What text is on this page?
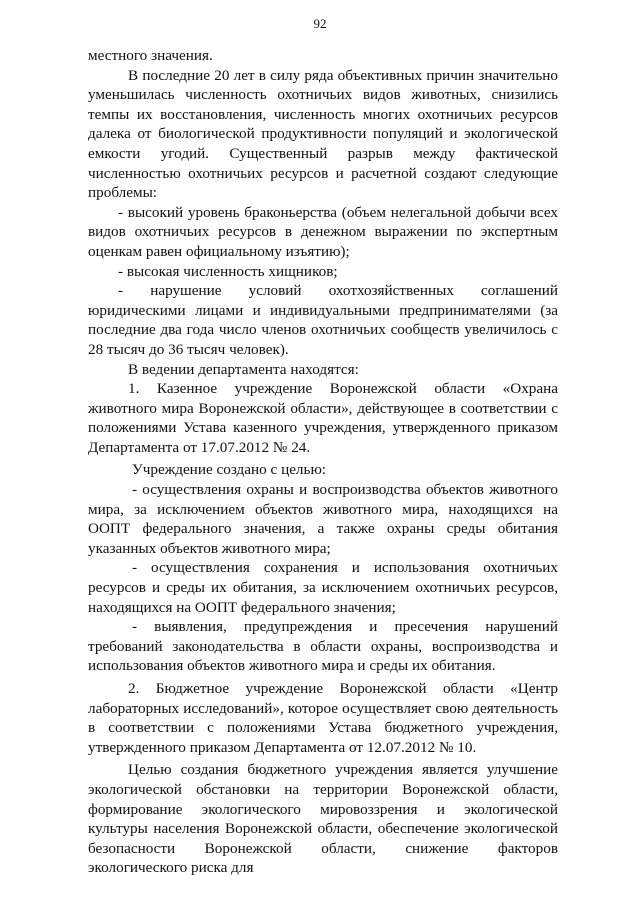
92

местного значения.

В последние 20 лет в силу ряда объективных причин значительно уменьшилась численность охотничьих видов животных, снизились темпы их восстановления, численность многих охотничьих ресурсов далека от биологической продуктивности популяций и экологической емкости угодий. Существенный разрыв между фактической численностью охотничьих ресурсов и расчетной создают следующие проблемы:

- высокий уровень браконьерства (объем нелегальной добычи всех видов охотничьих ресурсов в денежном выражении по экспертным оценкам равен официальному изъятию);

- высокая численность хищников;

- нарушение условий охотхозяйственных соглашений юридическими лицами и индивидуальными предпринимателями (за последние два года число членов охотничьих сообществ увеличилось с 28 тысяч до 36 тысяч человек).

В ведении департамента находятся:

1. Казенное учреждение Воронежской области «Охрана животного мира Воронежской области», действующее в соответствии с положениями Устава казенного учреждения, утвержденного приказом Департамента от 17.07.2012 № 24.

Учреждение создано с целью:

- осуществления охраны и воспроизводства объектов животного мира, за исключением объектов животного мира, находящихся на ООПТ федерального значения, а также охраны среды обитания указанных объектов животного мира;

- осуществления сохранения и использования охотничьих ресурсов и среды их обитания, за исключением охотничьих ресурсов, находящихся на ООПТ федерального значения;

- выявления, предупреждения и пресечения нарушений требований законодательства в области охраны, воспроизводства и использования объектов животного мира и среды их обитания.

2. Бюджетное учреждение Воронежской области «Центр лабораторных исследований», которое осуществляет свою деятельность в соответствии с положениями Устава бюджетного учреждения, утвержденного приказом Департамента от 12.07.2012 № 10.

Целью создания бюджетного учреждения является улучшение экологической обстановки на территории Воронежской области, формирование экологического мировоззрения и экологической культуры населения Воронежской области, обеспечение экологической безопасности Воронежской области, снижение факторов экологического риска для
